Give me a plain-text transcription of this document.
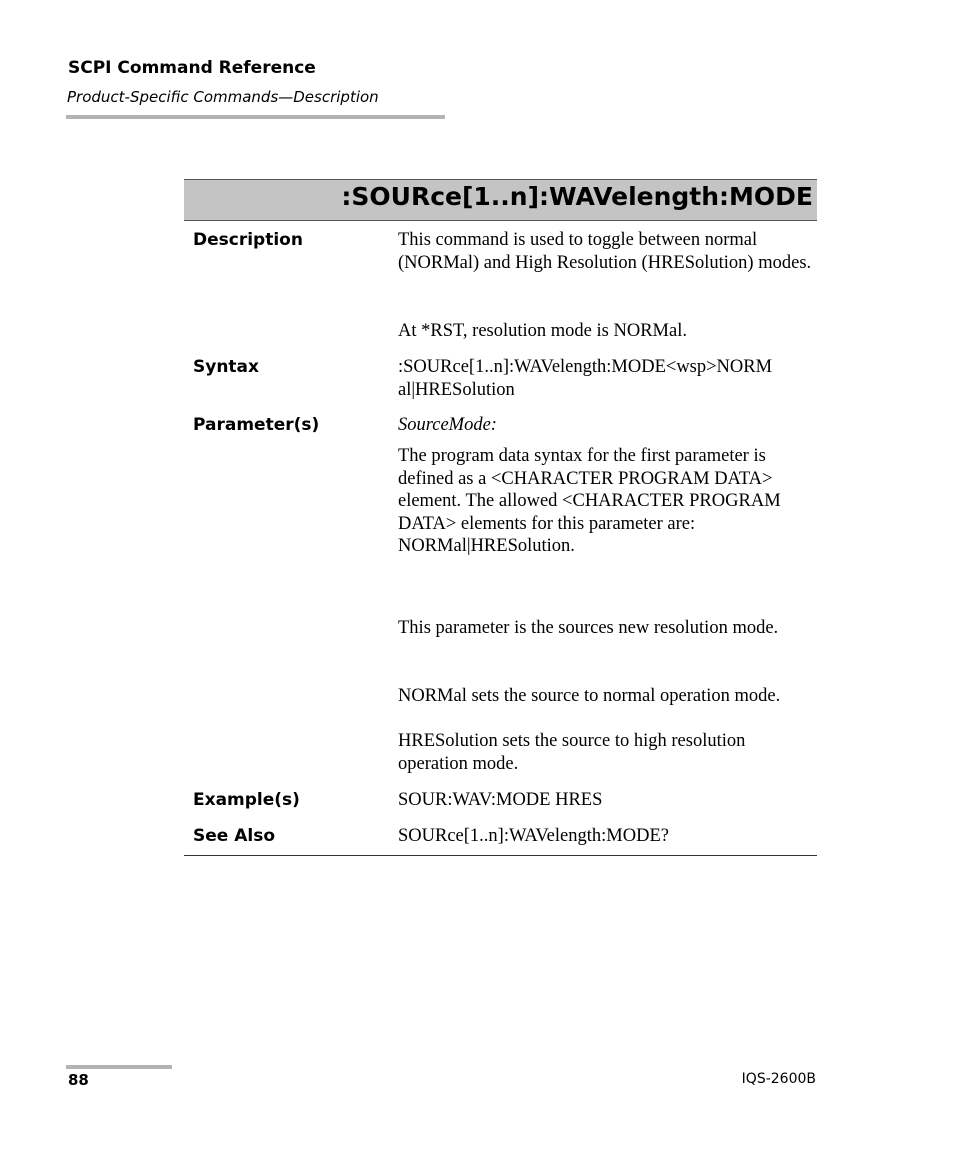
SCPI Command Reference
Product-Specific Commands—Description
:SOURce[1..n]:WAVelength:MODE
Description	This command is used to toggle between normal (NORMal) and High Resolution (HRESolution) modes.
At *RST, resolution mode is NORMal.
Syntax	:SOURce[1..n]:WAVelength:MODE<wsp>NORM
al|HRESolution
Parameter(s)	SourceMode:
The program data syntax for the first parameter is defined as a <CHARACTER PROGRAM DATA> element. The allowed <CHARACTER PROGRAM DATA> elements for this parameter are: NORMal|HRESolution.
This parameter is the sources new resolution mode.
NORMal sets the source to normal operation mode.
HRESolution sets the source to high resolution operation mode.
Example(s)	SOUR:WAV:MODE HRES
See Also	SOURce[1..n]:WAVelength:MODE?
88	IQS-2600B
